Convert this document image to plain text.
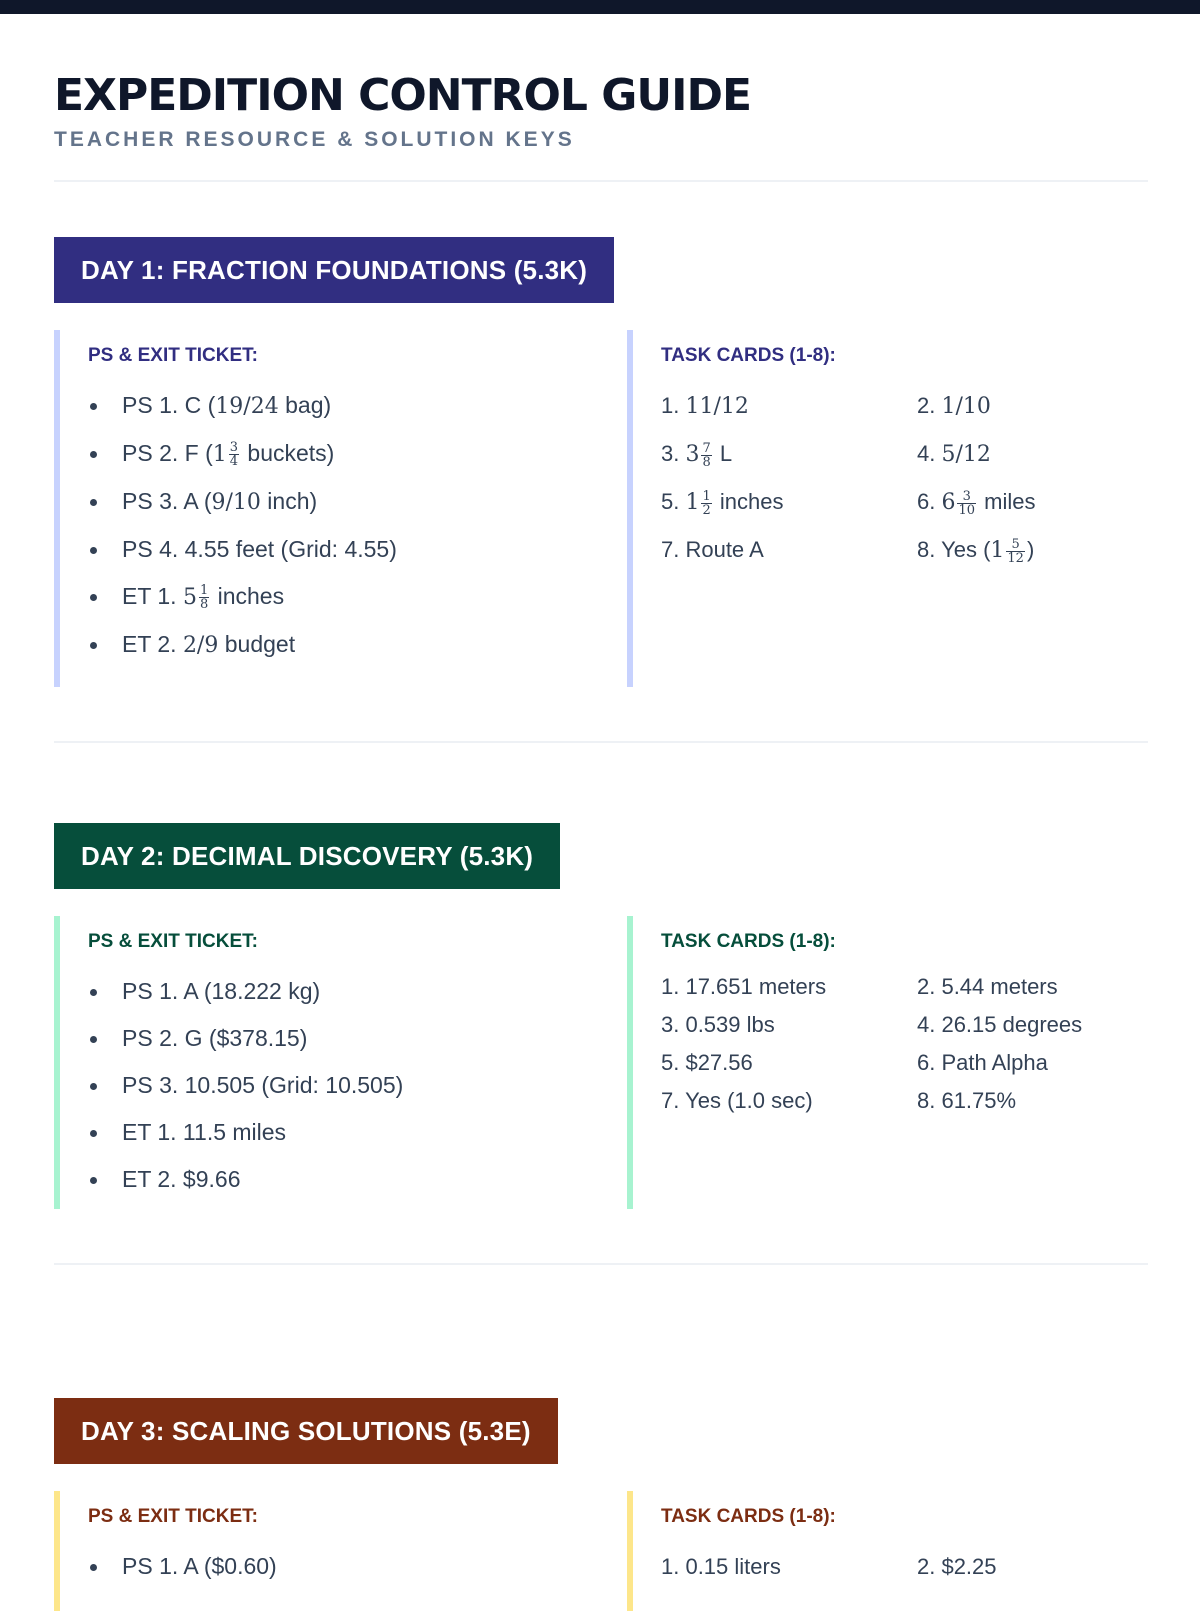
EXPEDITION CONTROL GUIDE
TEACHER RESOURCE & SOLUTION KEYS
DAY 1: FRACTION FOUNDATIONS (5.3K)
PS & EXIT TICKET:
PS 1. C (19/24 bag)
PS 2. F ($1 \frac{3}{4}$ buckets)
PS 3. A (9/10 inch)
PS 4. 4.55 feet (Grid: 4.55)
ET 1. $5 \frac{1}{8}$ inches
ET 2. 2/9 budget
TASK CARDS (1-8):
1. 11/12	2. 1/10
3. $3 \frac{7}{8}$ L	4. 5/12
5. $1 \frac{1}{2}$ inches	6. $6 \frac{3}{10}$ miles
7. Route A	8. Yes ($1 \frac{5}{12}$ )
DAY 2: DECIMAL DISCOVERY (5.3K)
PS & EXIT TICKET:
PS 1. A (18.222 kg)
PS 2. G ($378.15)
PS 3. 10.505 (Grid: 10.505)
ET 1. 11.5 miles
ET 2. $9.66
TASK CARDS (1-8):
1. 17.651 meters	2. 5.44 meters
3. 0.539 lbs	4. 26.15 degrees
5. $27.56	6. Path Alpha
7. Yes (1.0 sec)	8. 61.75%
DAY 3: SCALING SOLUTIONS (5.3E)
PS & EXIT TICKET:
PS 1. A ($0.60)
TASK CARDS (1-8):
1. 0.15 liters	2. $2.25
